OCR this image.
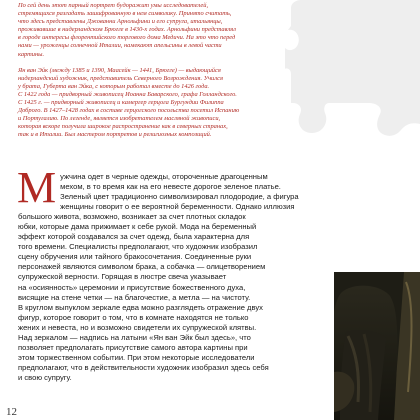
По сей день этот парный портрет будоражит умы исследователей,
стремящихся разгадать зашифрованную в нем символику. Принято считать,
что здесь представлены Джованни Арнольфини и его супруга, итальянцы,
проживавшие в нидерландском Брюгге в 1430-х годах. Арнольфини представлял
в городе интересы флорентийского торгового дома Медичи. На это что перед
нами — уроженцы солнечной Италии, намекают апельсины в левой части
картины.

Ян ван Эйк (между 1385 и 1390, Маасейк — 1441, Брюгге) — выдающийся
нидерландский художник, представитель Северного Возрождения. Учился
у брата, Губерта ван Эйка, с которым работал вместе до 1426 года.
С 1422 года — придворный живописец Иоанна Баварского, графа Голландского.
С 1425 г. — придворный живописец и камергер герцога Бургундии Филиппа
Доброго. В 1427–1428 годах в составе герцогского посольства посетил Испанию
и Португалию. По легенде, является изобретателем масляной живописи,
которая вскоре получила широкое распространение как в северных странах,
так и в Италии. Был мастером портретов и религиозных композиций.

М ужчина одет в черные одежды, отороченные драгоценным
мехом, в то время как на его невесте дорогое зеленое платье.
Зеленый цвет традиционно символизировал плодородие, а фигура
женщины говорит о ее вероятной беременности. Однако иллюзия
большого живота, возможно, возникает за счет плотных складок
юбки, которые дама прижимает к себе рукой. Мода на беременный
эффект которой создавался за счет одежд, была характерна для
того времени. Специалисты предполагают, что художник изобразил
сцену обручения или тайного бракосочетания. Соединенные руки
персонажей являются символом брака, а собачка — олицетворением
супружеской верности. Горящая в люстре свеча указывает
на «осиянность» церемонии и присутствие божественного духа,
висящие на стене четки — на благочестие, а метла — на чистоту.
В круглом выпуклом зеркале едва можно разглядеть отражение двух
фигур, которое говорит о том, что в комнате находятся не только
жених и невеста, но и возможно свидетели их супружеской клятвы.
Над зеркалом — надпись на латыни «Ян ван Эйк был здесь», что
позволяет предполагать присутствие самого автора картины при
этом торжественном событии. При этом некоторые исследователи
предполагают, что в действительности художник изобразил здесь себя
и свою супругу.
12
